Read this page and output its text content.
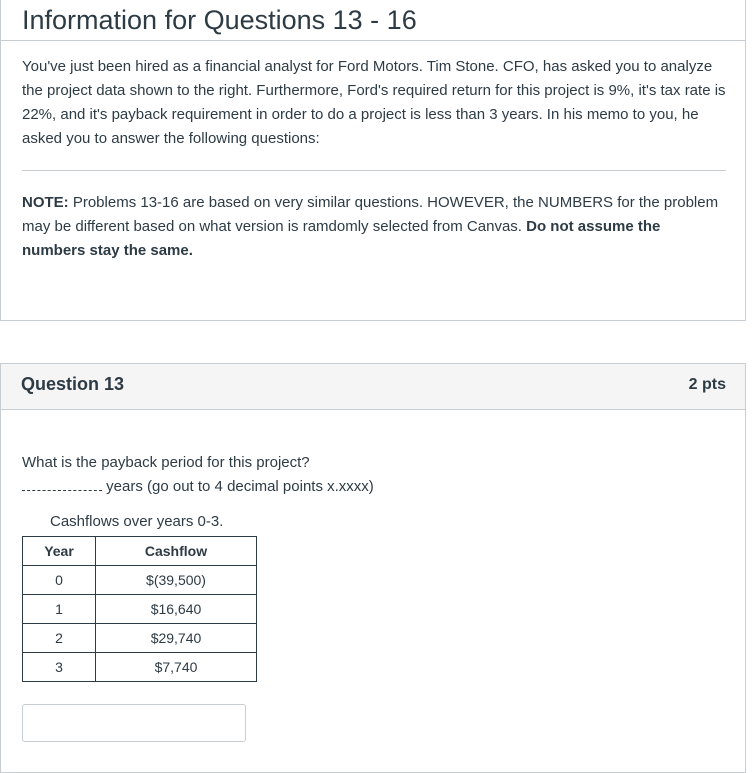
Information for Questions 13 - 16

You've just been hired as a financial analyst for Ford Motors. Tim Stone. CFO, has asked you to analyze the project data shown to the right. Furthermore, Ford's required return for this project is 9%, it's tax rate is 22%, and it's payback requirement in order to do a project is less than 3 years. In his memo to you, he asked you to answer the following questions:

NOTE: Problems 13-16 are based on very similar questions. HOWEVER, the NUMBERS for the problem may be different based on what version is ramdomly selected from Canvas. Do not assume the numbers stay the same.

Question 13	2 pts
What is the payback period for this project?
years (go out to 4 decimal points x.xxxx)
Cashflows over years 0-3.
Year	Cashflow
0	$(39,500)
1	$16,640
2	$29,740
3	$7,740
